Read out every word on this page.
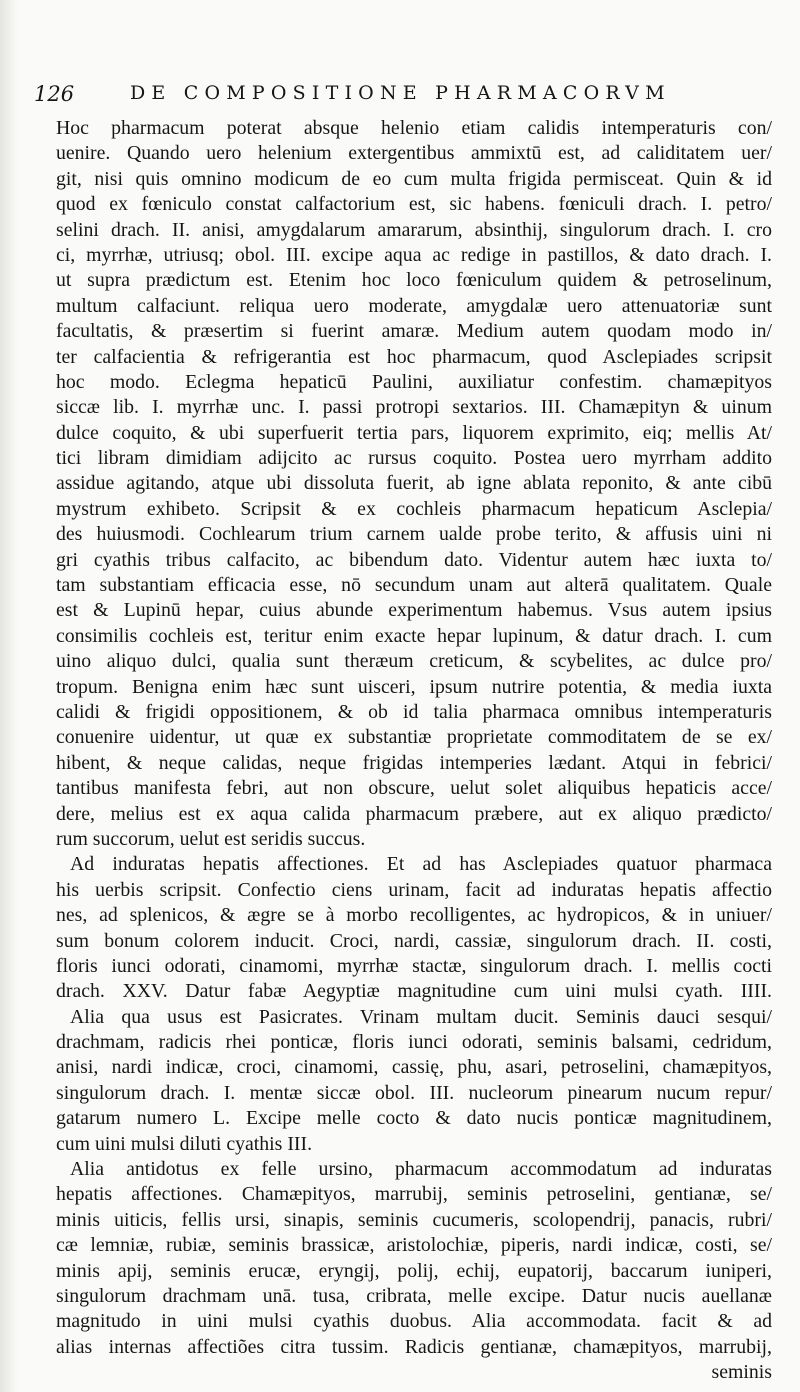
126	DE COMPOSITIONE PHARMACORVM
Hoc pharmacum poterat absque helenio etiam calidis intemperaturis con/
uenire. Quando uero helenium extergentibus ammixtū est, ad caliditatem uer/
git, nisi quis omnino modicum de eo cum multa frigida permisceat. Quin & id
quod ex fœniculo constat calfactorium est, sic habens. fœniculi drach. I. petro/
selini drach. II. anisi, amygdalarum amararum, absinthij, singulorum drach. I. cro
ci, myrrhæ, utriusq; obol. III. excipe aqua ac redige in pastillos, & dato drach. I.
ut supra prædictum est. Etenim hoc loco fœniculum quidem & petroselinum,
multum calfaciunt. reliqua uero moderate, amygdalæ uero attenuatoriæ sunt
facultatis, & præsertim si fuerint amaræ. Medium autem quodam modo in/
ter calfacientia & refrigerantia est hoc pharmacum, quod Asclepiades scripsit
hoc modo. Eclegma hepaticū Paulini, auxiliatur confestim. chamæpityos
siccæ lib. I. myrrhæ unc. I. passi protropi sextarios. III. Chamæpityn & uinum
dulce coquito, & ubi superfuerit tertia pars, liquorem exprimito, eiq; mellis At/
tici libram dimidiam adijcito ac rursus coquito. Postea uero myrrham addito
assidue agitando, atque ubi dissoluta fuerit, ab igne ablata reponito, & ante cibū
mystrum exhibeto. Scripsit & ex cochleis pharmacum hepaticum Asclepia/
des huiusmodi. Cochlearum trium carnem ualde probe terito, & affusis uini ni
gri cyathis tribus calfacito, ac bibendum dato. Videntur autem hæc iuxta to/
tam substantiam efficacia esse, nō secundum unam aut alterā qualitatem. Quale
est & Lupinū hepar, cuius abunde experimentum habemus. Vsus autem ipsius
consimilis cochleis est, teritur enim exacte hepar lupinum, & datur drach. I. cum
uino aliquo dulci, qualia sunt theræum creticum, & scybelites, ac dulce pro/
tropum. Benigna enim hæc sunt uisceri, ipsum nutrire potentia, & media iuxta
calidi & frigidi oppositionem, & ob id talia pharmaca omnibus intemperaturis
conuenire uidentur, ut quæ ex substantiæ proprietate commoditatem de se ex/
hibent, & neque calidas, neque frigidas intemperies lædant. Atqui in febrici/
tantibus manifesta febri, aut non obscure, uelut solet aliquibus hepaticis acce/
dere, melius est ex aqua calida pharmacum præbere, aut ex aliquo prædicto/
rum succorum, uelut est seridis succus.
Ad induratas hepatis affectiones. Et ad has Asclepiades quatuor pharmaca
his uerbis scripsit. Confectio ciens urinam, facit ad induratas hepatis affectio
nes, ad splenicos, & ægre se à morbo recolligentes, ac hydropicos, & in uniuer/
sum bonum colorem inducit. Croci, nardi, cassiæ, singulorum drach. II. costi,
floris iunci odorati, cinamomi, myrrhæ stactæ, singulorum drach. I. mellis cocti
drach. XXV. Datur fabæ Aegyptiæ magnitudine cum uini mulsi cyath. IIII.
Alia qua usus est Pasicrates. Vrinam multam ducit. Seminis dauci sesqui/
drachmam, radicis rhei ponticæ, floris iunci odorati, seminis balsami, cedridum,
anisi, nardi indicæ, croci, cinamomi, cassię, phu, asari, petroselini, chamæpityos,
singulorum drach. I. mentæ siccæ obol. III. nucleorum pinearum nucum repur/
gatarum numero L. Excipe melle cocto & dato nucis ponticæ magnitudinem,
cum uini mulsi diluti cyathis III.
Alia antidotus ex felle ursino, pharmacum accommodatum ad induratas
hepatis affectiones. Chamæpityos, marrubij, seminis petroselini, gentianæ, se/
minis uiticis, fellis ursi, sinapis, seminis cucumeris, scolopendrij, panacis, rubri/
cæ lemniæ, rubiæ, seminis brassicæ, aristolochiæ, piperis, nardi indicæ, costi, se/
minis apij, seminis erucæ, eryngij, polij, echij, eupatorij, baccarum iuniperi,
singulorum drachmam unā. tusa, cribrata, melle excipe. Datur nucis auellanæ
magnitudo in uini mulsi cyathis duobus. Alia accommodata. facit & ad
alias internas affectiões citra tussim. Radicis gentianæ, chamæpityos, marrubij,
seminis
